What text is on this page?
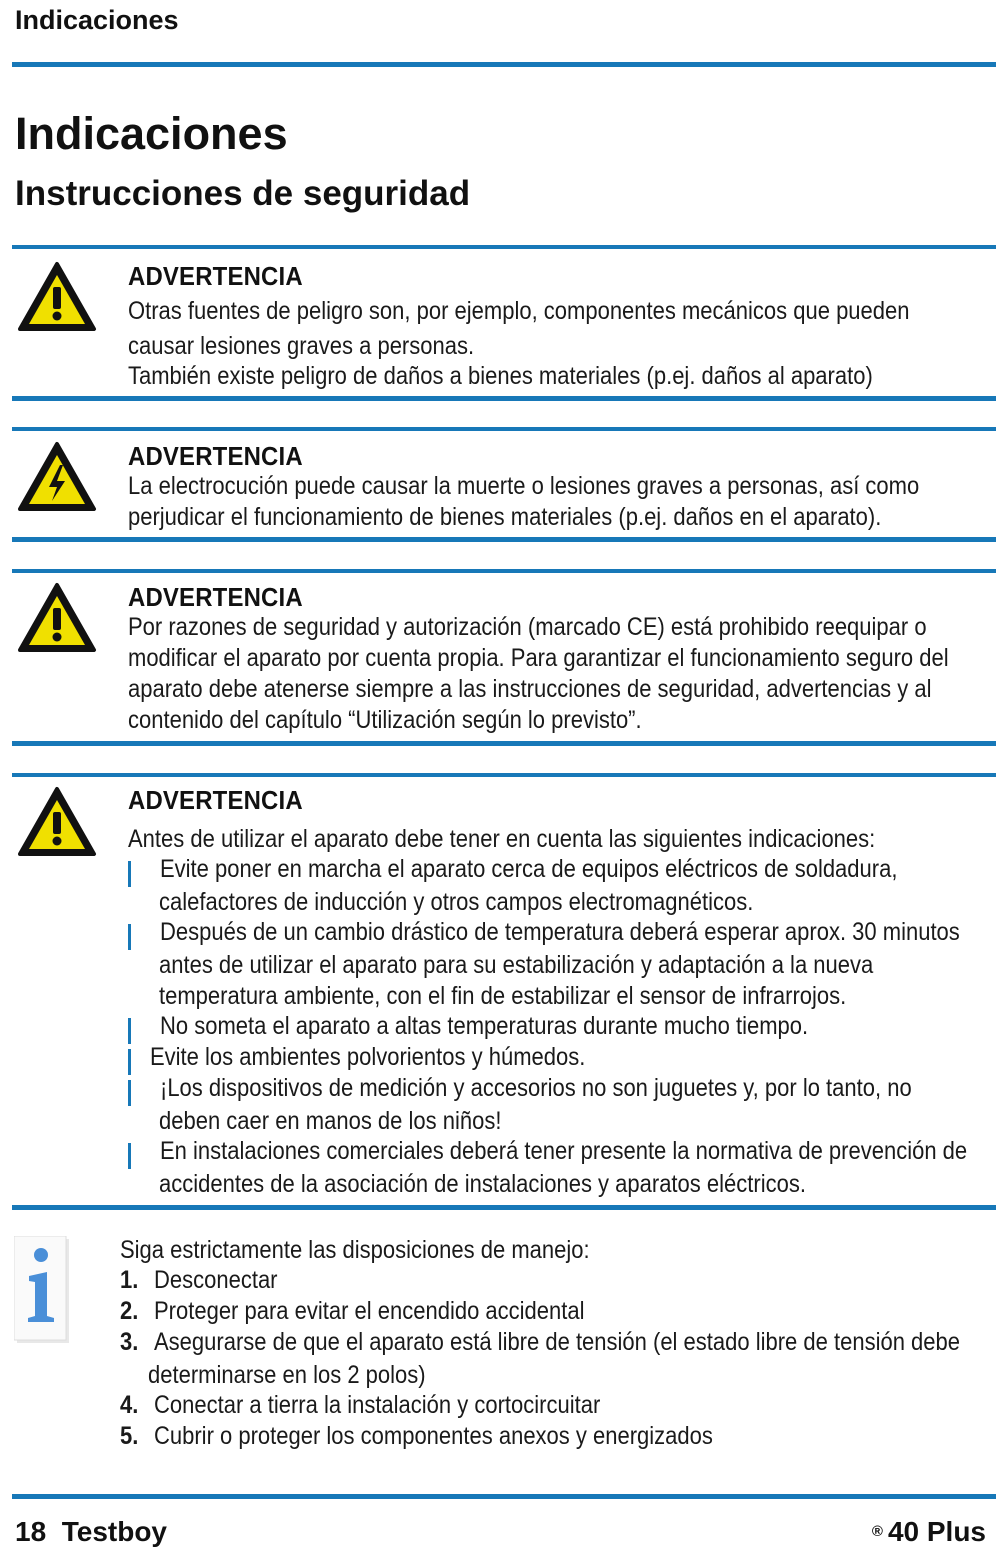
Indicaciones
Indicaciones
Instrucciones de seguridad
ADVERTENCIA
Otras fuentes de peligro son, por ejemplo, componentes mecánicos que pueden
causar lesiones graves a personas.
También existe peligro de daños a bienes materiales (p.ej. daños al aparato)
ADVERTENCIA
La electrocución puede causar la muerte o lesiones graves a personas, así como
perjudicar el funcionamiento de bienes materiales (p.ej. daños en el aparato).
ADVERTENCIA
Por razones de seguridad y autorización (marcado CE) está prohibido reequipar o
modificar el aparato por cuenta propia. Para garantizar el funcionamiento seguro del
aparato debe atenerse siempre a las instrucciones de seguridad, advertencias y al
contenido del capítulo “Utilización según lo previsto”.
ADVERTENCIA
Antes de utilizar el aparato debe tener en cuenta las siguientes indicaciones:
Evite poner en marcha el aparato cerca de equipos eléctricos de soldadura,
calefactores de inducción y otros campos electromagnéticos.
Después de un cambio drástico de temperatura deberá esperar aprox. 30 minutos
antes de utilizar el aparato para su estabilización y adaptación a la nueva
temperatura ambiente, con el fin de estabilizar el sensor de infrarrojos.
No someta el aparato a altas temperaturas durante mucho tiempo.
Evite los ambientes polvorientos y húmedos.
¡Los dispositivos de medición y accesorios no son juguetes y, por lo tanto, no
deben caer en manos de los niños!
En instalaciones comerciales deberá tener presente la normativa de prevención de
accidentes de la asociación de instalaciones y aparatos eléctricos.
Siga estrictamente las disposiciones de manejo:
1. Desconectar
2. Proteger para evitar el encendido accidental
3. Asegurarse de que el aparato está libre de tensión (el estado libre de tensión debe
determinarse en los 2 polos)
4. Conectar a tierra la instalación y cortocircuitar
5. Cubrir o proteger los componentes anexos y energizados
18 Testboy	® 40 Plus
